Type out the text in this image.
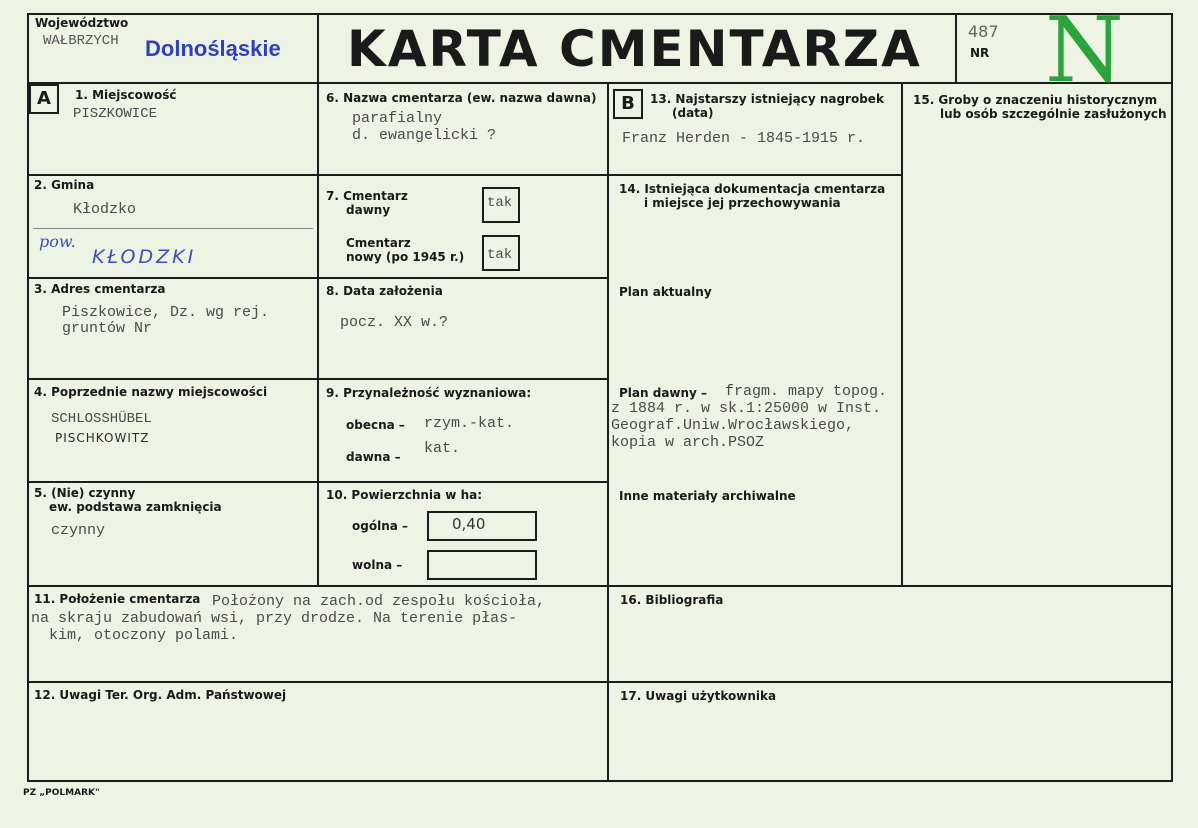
Województwo
WAŁBRZYCH Dolnośląskie KARTA CMENTARZA	487
NR N
A	1. Miejscowość
PISZKOWICE
2. Gmina
Kłodzko
pow.
KŁODZKI
3. Adres cmentarza
Piszkowice, Dz. wg rej.
gruntów Nr
4. Poprzednie nazwy miejscowości
SCHLOSSHÜBEL
PISCHKOWITZ
5. (Nie) czynny
ew. podstawa zamknięcia
czynny
6. Nazwa cmentarza (ew. nazwa dawna)
parafialny
d. ewangelicki ?
7. Cmentarz
dawny	tak
Cmentarz
nowy (po 1945 r.) tak
8. Data założenia
pocz. XX w.?
9. Przynależność wyznaniowa:
obecna – rzym.-kat.
dawna – kat.
10. Powierzchnia w ha:
ogólna –	0,40
wolna –
B	13. Najstarszy istniejący nagrobek
(data)
Franz Herden - 1845-1915 r.
14. Istniejąca dokumentacja cmentarza
i miejsce jej przechowywania
Plan aktualny
Plan dawny – fragm. mapy topog.
z 1884 r. w sk.1:25000 w Inst.
Geograf.Uniw.Wrocławskiego,
kopia w arch.PSOZ
Inne materiały archiwalne
15. Groby o znaczeniu historycznym
lub osób szczególnie zasłużonych
11. Położenie cmentarza Położony na zach.od zespołu kościoła,
na skraju zabudowań wsi, przy drodze. Na terenie płas-
kim, otoczony polami.
16. Bibliografia
12. Uwagi Ter. Org. Adm. Państwowej	17. Uwagi użytkownika
PZ „POLMARK"
